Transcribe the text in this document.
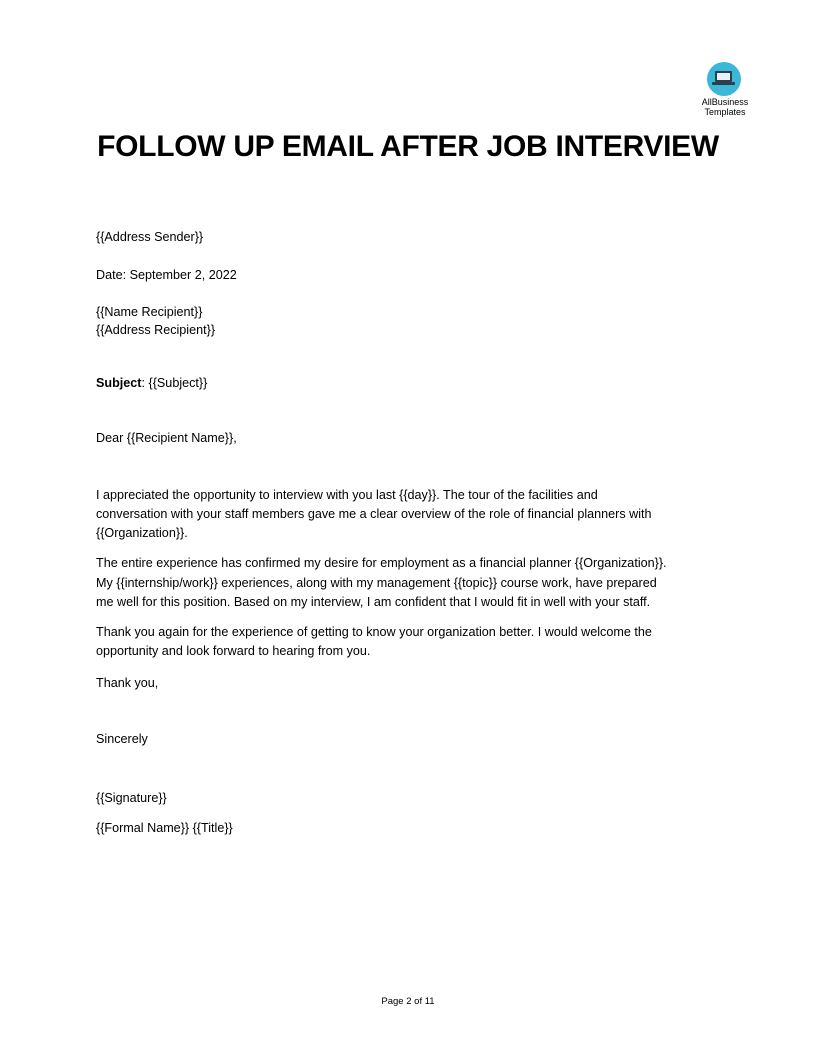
AllBusiness
Templates
FOLLOW UP EMAIL AFTER JOB INTERVIEW
{{Address Sender}}
Date: September 2, 2022
{{Name Recipient}}
{{Address Recipient}}
Subject: {{Subject}}
Dear {{Recipient Name}},
I appreciated the opportunity to interview with you last {{day}}. The tour of the facilities and
conversation with your staff members gave me a clear overview of the role of financial planners with
{{Organization}}.
The entire experience has confirmed my desire for employment as a financial planner {{Organization}}.
My {{internship/work}} experiences, along with my management {{topic}} course work, have prepared
me well for this position. Based on my interview, I am confident that I would fit in well with your staff.
Thank you again for the experience of getting to know your organization better. I would welcome the
opportunity and look forward to hearing from you.
Thank you,
Sincerely
{{Signature}}
{{Formal Name}} {{Title}}
Page 2 of 11
